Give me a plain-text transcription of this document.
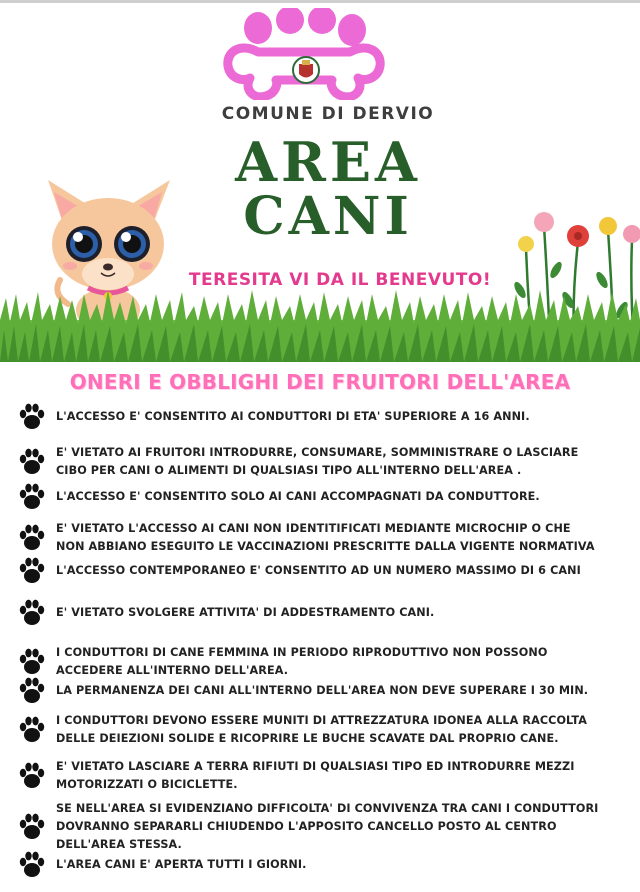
COMUNE DI DERVIO
AREA
CANI
TERESITA VI DA IL BENEVUTO!
ONERI E OBBLIGHI DEI FRUITORI DELL'AREA
L'ACCESSO E' CONSENTITO AI CONDUTTORI DI ETA' SUPERIORE A 16 ANNI.
E' VIETATO AI FRUITORI INTRODURRE, CONSUMARE, SOMMINISTRARE O LASCIARE
CIBO PER CANI O ALIMENTI DI QUALSIASI TIPO ALL'INTERNO DELL'AREA .
L'ACCESSO E' CONSENTITO SOLO AI CANI ACCOMPAGNATI DA CONDUTTORE.
E' VIETATO L'ACCESSO AI CANI NON IDENTITIFICATI MEDIANTE MICROCHIP O CHE
NON ABBIANO ESEGUITO LE VACCINAZIONI PRESCRITTE DALLA VIGENTE NORMATIVA
L'ACCESSO CONTEMPORANEO E' CONSENTITO AD UN NUMERO MASSIMO DI 6 CANI
E' VIETATO SVOLGERE ATTIVITA' DI ADDESTRAMENTO CANI.
I CONDUTTORI DI CANE FEMMINA IN PERIODO RIPRODUTTIVO NON POSSONO
ACCEDERE ALL'INTERNO DELL'AREA.
LA PERMANENZA DEI CANI ALL'INTERNO DELL'AREA NON DEVE SUPERARE I 30 MIN.
I CONDUTTORI DEVONO ESSERE MUNITI DI ATTREZZATURA IDONEA ALLA RACCOLTA
DELLE DEIEZIONI SOLIDE E RICOPRIRE LE BUCHE SCAVATE DAL PROPRIO CANE.
E' VIETATO LASCIARE A TERRA RIFIUTI DI QUALSIASI TIPO ED INTRODURRE MEZZI
MOTORIZZATI O BICICLETTE.
SE NELL'AREA SI EVIDENZIANO DIFFICOLTA' DI CONVIVENZA TRA CANI I CONDUTTORI
DOVRANNO SEPARARLI CHIUDENDO L'APPOSITO CANCELLO POSTO AL CENTRO
DELL'AREA STESSA.
L'AREA CANI E' APERTA TUTTI I GIORNI.
